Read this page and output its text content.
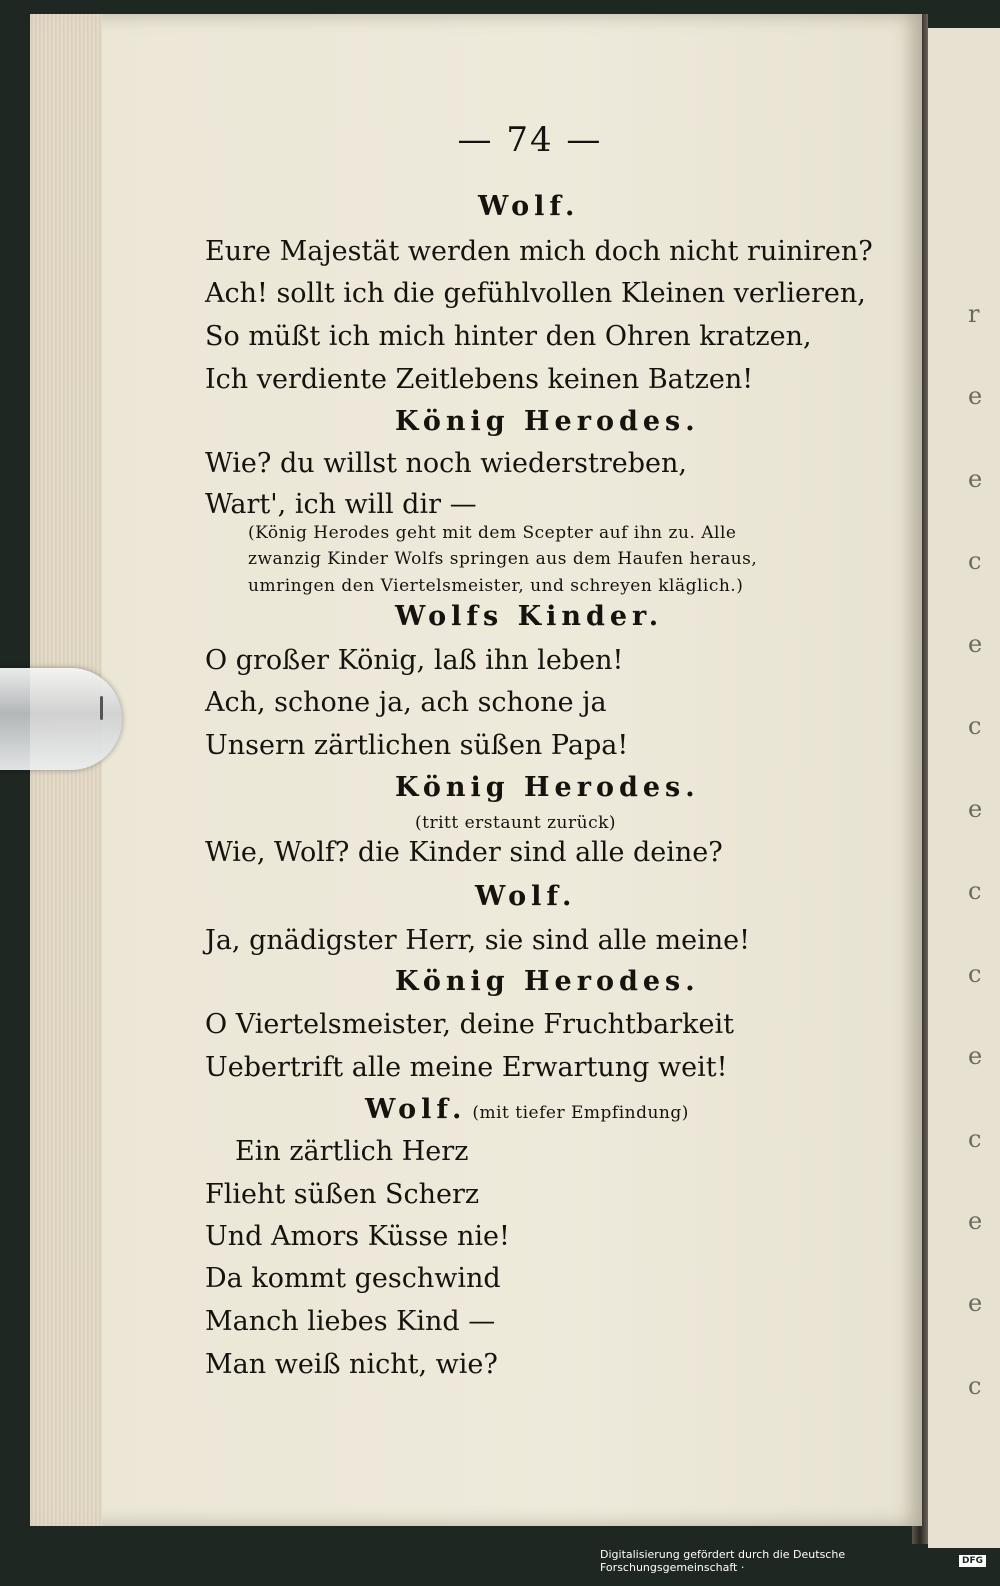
r
e
e
c
e
c
e
c
c
e
c
e
e
c
— 74 —
Wolf.
Eure Majestät werden mich doch nicht ruiniren?
Ach! sollt ich die gefühlvollen Kleinen verlieren,
So müßt ich mich hinter den Ohren kratzen,
Ich verdiente Zeitlebens keinen Batzen!
König Herodes.
Wie? du willst noch wiederstreben,
Wart', ich will dir —
(König Herodes geht mit dem Scepter auf ihn zu. Alle
zwanzig Kinder Wolfs springen aus dem Haufen heraus,
umringen den Viertelsmeister, und schreyen kläglich.)
Wolfs Kinder.
O großer König, laß ihn leben!
Ach, schone ja, ach schone ja
Unsern zärtlichen süßen Papa!
König Herodes.
(tritt erstaunt zurück)
Wie, Wolf? die Kinder sind alle deine?
Wolf.
Ja, gnädigster Herr, sie sind alle meine!
König Herodes.
O Viertelsmeister, deine Fruchtbarkeit
Uebertrift alle meine Erwartung weit!
Wolf. (mit tiefer Empfindung)
Ein zärtlich Herz
Flieht süßen Scherz
Und Amors Küsse nie!
Da kommt geschwind
Manch liebes Kind —
Man weiß nicht, wie?
Digitalisierung gefördert durch die Deutsche Forschungsgemeinschaft ·	DFG
